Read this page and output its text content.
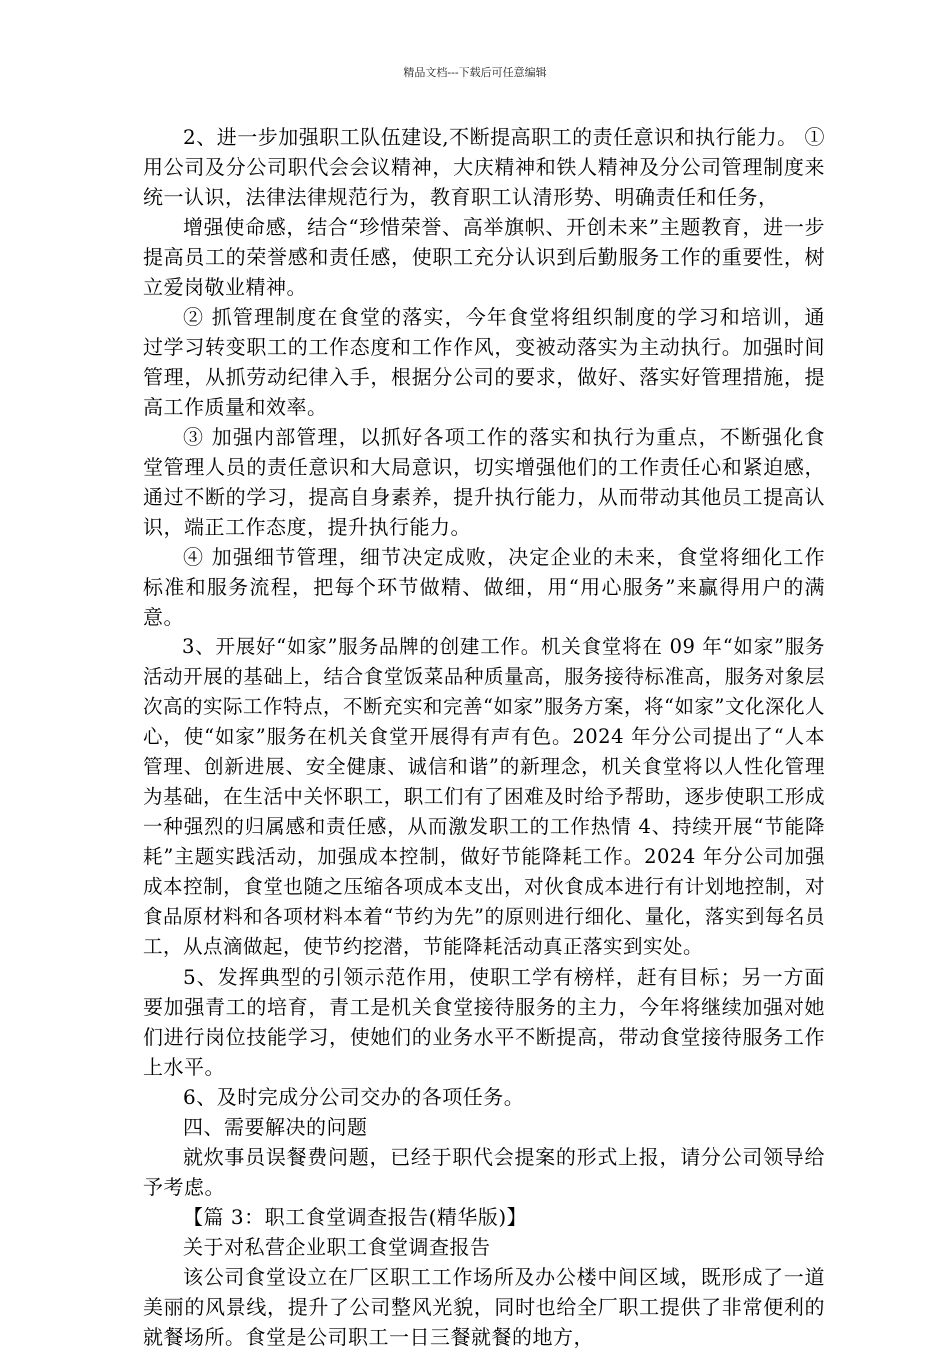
精品文档---下载后可任意编辑

2、进一步加强职工队伍建设,不断提高职工的责任意识和执行能力。 ①用公司及分公司职代会会议精神，大庆精神和铁人精神及分公司管理制度来统一认识，法律法律规范行为，教育职工认清形势、明确责任和任务，

增强使命感，结合“珍惜荣誉、高举旗帜、开创未来”主题教育，进一步提高员工的荣誉感和责任感，使职工充分认识到后勤服务工作的重要性，树立爱岗敬业精神。

② 抓管理制度在食堂的落实，今年食堂将组织制度的学习和培训，通过学习转变职工的工作态度和工作作风，变被动落实为主动执行。加强时间管理，从抓劳动纪律入手，根据分公司的要求，做好、落实好管理措施，提高工作质量和效率。

③ 加强内部管理，以抓好各项工作的落实和执行为重点，不断强化食堂管理人员的责任意识和大局意识，切实增强他们的工作责任心和紧迫感，通过不断的学习，提高自身素养，提升执行能力，从而带动其他员工提高认识，端正工作态度，提升执行能力。

④ 加强细节管理，细节决定成败，决定企业的未来，食堂将细化工作标准和服务流程，把每个环节做精、做细，用“用心服务”来赢得用户的满意。

3、开展好“如家”服务品牌的创建工作。机关食堂将在 09 年“如家”服务活动开展的基础上，结合食堂饭菜品种质量高，服务接待标准高，服务对象层次高的实际工作特点，不断充实和完善“如家”服务方案，将“如家”文化深化人心，使“如家”服务在机关食堂开展得有声有色。2024 年分公司提出了“人本管理、创新进展、安全健康、诚信和谐”的新理念，机关食堂将以人性化管理为基础，在生活中关怀职工，职工们有了困难及时给予帮助，逐步使职工形成一种强烈的归属感和责任感，从而激发职工的工作热情 4、持续开展“节能降耗”主题实践活动，加强成本控制，做好节能降耗工作。2024 年分公司加强成本控制，食堂也随之压缩各项成本支出，对伙食成本进行有计划地控制，对食品原材料和各项材料本着“节约为先”的原则进行细化、量化，落实到每名员工，从点滴做起，使节约挖潜，节能降耗活动真正落实到实处。

5、发挥典型的引领示范作用，使职工学有榜样，赶有目标；另一方面要加强青工的培育，青工是机关食堂接待服务的主力，今年将继续加强对她们进行岗位技能学习，使她们的业务水平不断提高，带动食堂接待服务工作上水平。

6、及时完成分公司交办的各项任务。

四、需要解决的问题

就炊事员误餐费问题，已经于职代会提案的形式上报，请分公司领导给予考虑。

【篇 3：职工食堂调查报告(精华版)】

关于对私营企业职工食堂调查报告

该公司食堂设立在厂区职工工作场所及办公楼中间区域，既形成了一道美丽的风景线，提升了公司整风光貌，同时也给全厂职工提供了非常便利的就餐场所。食堂是公司职工一日三餐就餐的地方，
